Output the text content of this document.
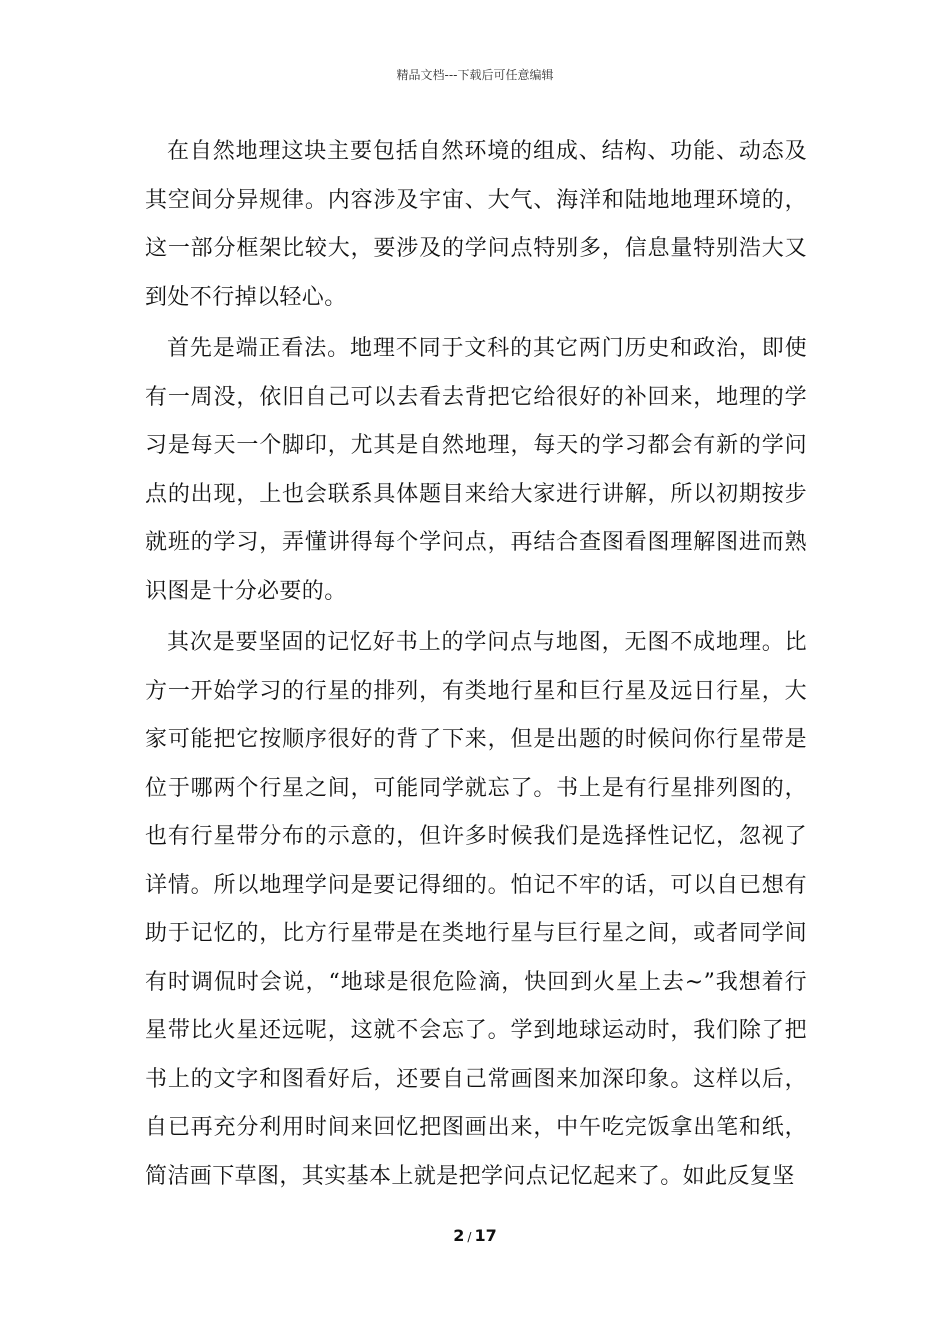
精品文档---下载后可任意编辑

在自然地理这块主要包括自然环境的组成、结构、功能、动态及其空间分异规律。内容涉及宇宙、大气、海洋和陆地地理环境的，这一部分框架比较大，要涉及的学问点特别多，信息量特别浩大又到处不行掉以轻心。

首先是端正看法。地理不同于文科的其它两门历史和政治，即使有一周没，依旧自己可以去看去背把它给很好的补回来，地理的学习是每天一个脚印，尤其是自然地理，每天的学习都会有新的学问点的出现，上也会联系具体题目来给大家进行讲解，所以初期按步就班的学习，弄懂讲得每个学问点，再结合查图看图理解图进而熟识图是十分必要的。

其次是要坚固的记忆好书上的学问点与地图，无图不成地理。比方一开始学习的行星的排列，有类地行星和巨行星及远日行星，大家可能把它按顺序很好的背了下来，但是出题的时候问你行星带是位于哪两个行星之间，可能同学就忘了。书上是有行星排列图的，也有行星带分布的示意的，但许多时候我们是选择性记忆，忽视了详情。所以地理学问是要记得细的。怕记不牢的话，可以自已想有助于记忆的，比方行星带是在类地行星与巨行星之间，或者同学间有时调侃时会说，“地球是很危险滴，快回到火星上去~”我想着行星带比火星还远呢，这就不会忘了。学到地球运动时，我们除了把书上的文字和图看好后，还要自己常画图来加深印象。这样以后，自已再充分利用时间来回忆把图画出来，中午吃完饭拿出笔和纸，简洁画下草图，其实基本上就是把学问点记忆起来了。如此反复坚

2 / 17
